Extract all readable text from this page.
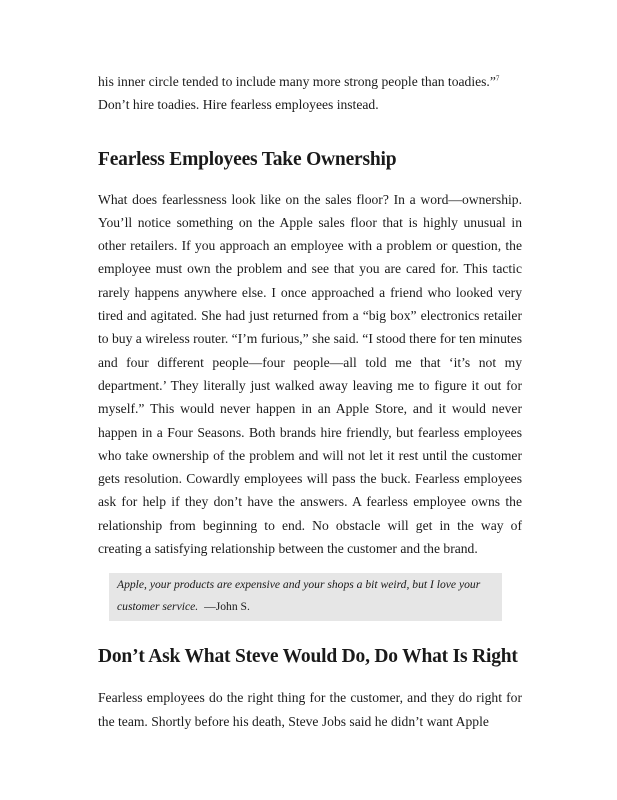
his inner circle tended to include many more strong people than toadies.”$^7$
Don’t hire toadies. Hire fearless employees instead.

Fearless Employees Take Ownership

What does fearlessness look like on the sales floor? In a word—ownership. You’ll notice something on the Apple sales floor that is highly unusual in other retailers. If you approach an employee with a problem or question, the employee must own the problem and see that you are cared for. This tactic rarely happens anywhere else. I once approached a friend who looked very tired and agitated. She had just returned from a “big box” electronics retailer to buy a wireless router. “I’m furious,” she said. “I stood there for ten minutes and four different people—four people—all told me that ‘it’s not my department.’ They literally just walked away leaving me to figure it out for myself.” This would never happen in an Apple Store, and it would never happen in a Four Seasons. Both brands hire friendly, but fearless employees who take ownership of the problem and will not let it rest until the customer gets resolution. Cowardly employees will pass the buck. Fearless employees ask for help if they don’t have the answers. A fearless employee owns the relationship from beginning to end. No obstacle will get in the way of creating a satisfying relationship between the customer and the brand.

Apple, your products are expensive and your shops a bit weird, but I love your customer service. —John S.
Don’t Ask What Steve Would Do, Do What Is Right

Fearless employees do the right thing for the customer, and they do right for the team. Shortly before his death, Steve Jobs said he didn’t want Apple
